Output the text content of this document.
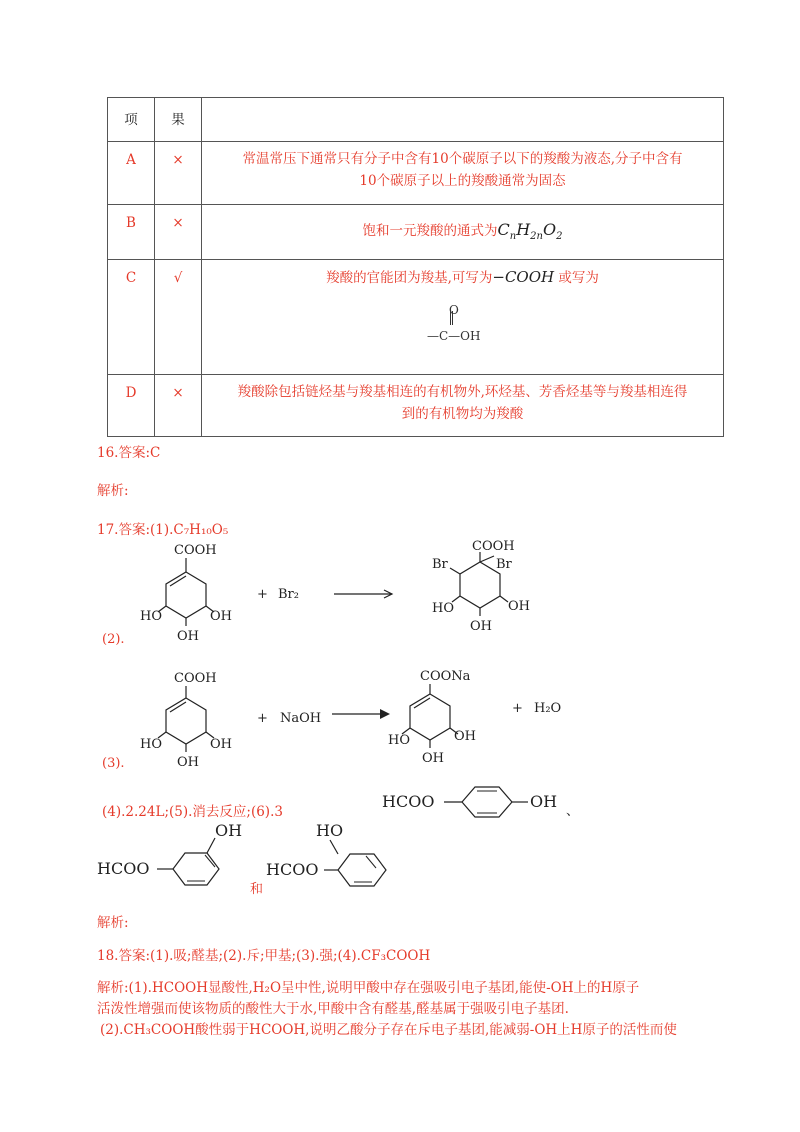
项	果	
A	×	常温常压下通常只有分子中含有10个碳原子以下的羧酸为液态,分子中含有
10个碳原子以上的羧酸通常为固态

B	×	饱和一元羧酸的通式为$C_nH_{2n}O_2$
C	√	羧酸的官能团为羧基,可写为−COOH 或写为
O
—C—OH

D	×	羧酸除包括链烃基与羧基相连的有机物外,环烃基、芳香烃基等与羧基相连得
到的有机物均为羧酸
16.答案:C
解析:
17.答案:(1).C₇H₁₀O₅
COOH
HO	OH
OH
+ Br₂
COOH
Br	Br
HO	OH
OH
(2).
COOH
HO	OH
OH
+ NaOH
COONa
HO	OH
OH
+ H₂O
(3).
(4).2.24L;(5).消去反应;(6).3
HCOO	OH
、
HCOO
OH	HO
HCOO
和
解析:
18.答案:(1).吸;醛基;(2).斥;甲基;(3).强;(4).CF₃COOH
解析:(1).HCOOH显酸性,H₂O呈中性,说明甲酸中存在强吸引电子基团,能使-OH上的H原子
活泼性增强而使该物质的酸性大于水,甲酸中含有醛基,醛基属于强吸引电子基团.
(2).CH₃COOH酸性弱于HCOOH,说明乙酸分子存在斥电子基团,能减弱-OH上H原子的活性而使
